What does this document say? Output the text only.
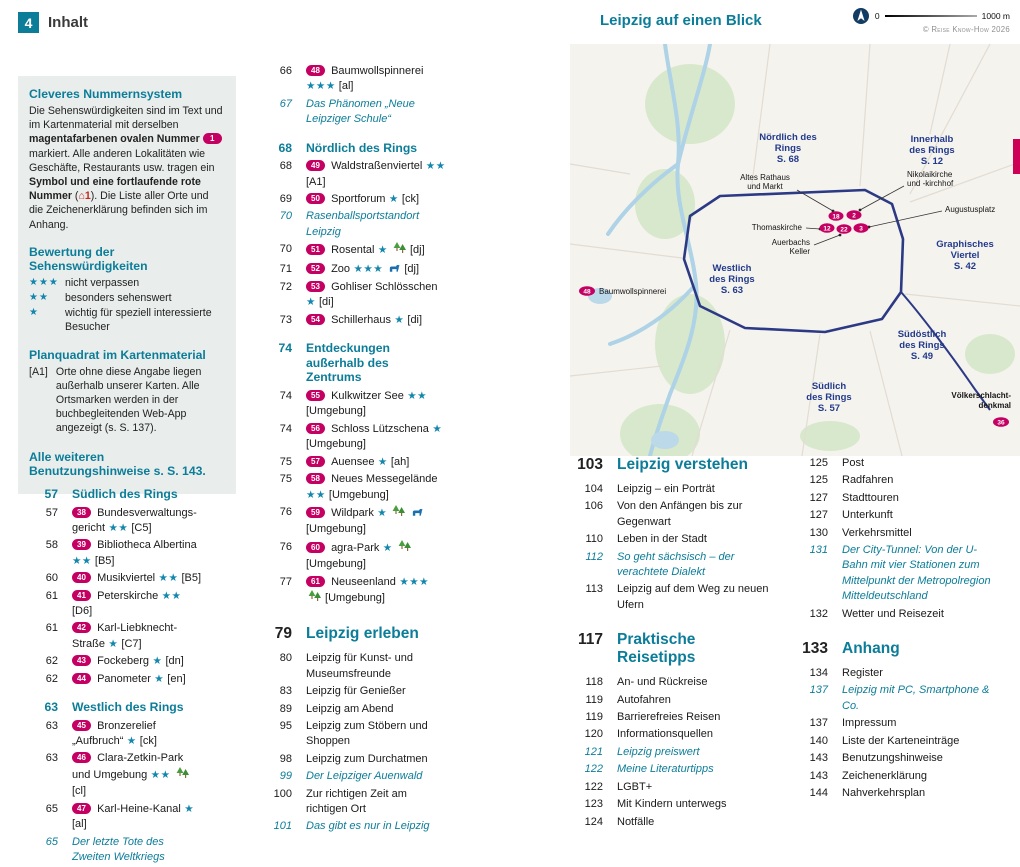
4	Inhalt
Cleveres Nummernsystem

Die Sehenswürdigkeiten sind im Text und im Kartenmaterial mit derselben magentafarbenen ovalen Nummer 1 markiert. Alle anderen Lokalitäten wie Geschäfte, Restaurants usw. tragen ein Symbol und eine fortlaufende rote Nummer (⌂1). Die Liste aller Orte und die Zeichenerklärung befinden sich im Anhang.

Bewertung der Sehenswürdigkeiten
★★★ nicht verpassen
★★	besonders sehenswert
★	wichtig für speziell interessierte Besucher
Planquadrat im Kartenmaterial
[A1] Orte ohne diese Angabe liegen außerhalb unserer Karten. Alle Ortsmarken werden in der buchbegleitenden Web-App angezeigt (s. S. 137).
Alle weiteren Benutzungshinweise s. S. 143.
57 Südlich des Rings
57	38 Bundesverwaltungsgericht ★★ [C5]
58	39 Bibliotheca Albertina ★★ [B5]
60	40 Musikviertel ★★ [B5]
61	41 Peterskirche ★★ [D6]
61	42 Karl-Liebknecht-Straße ★ [C7]
62	43 Fockeberg ★ [dn]
62	44 Panometer ★ [en]
63 Westlich des Rings
63	45 Bronzerelief „Aufbruch“ ★ [ck]
63	46 Clara-Zetkin-Park und Umgebung ★★  [cl]
65	47 Karl-Heine-Kanal ★ [al]
65 Der letzte Tote des Zweiten Weltkriegs
66	48 Baumwollspinnerei ★★★ [al]
67 Das Phänomen „Neue Leipziger Schule“
68 Nördlich des Rings
68	49 Waldstraßenviertel ★★ [A1]
69	50 Sportforum ★ [ck]
70 Rasenballsportstandort Leipzig
70	51 Rosental ★  [dj]
71	52 Zoo ★★★  [dj]
72	53 Gohliser Schlösschen ★ [di]
73	54 Schillerhaus ★ [di]
74 Entdeckungen außerhalb des Zentrums
74	55 Kulkwitzer See ★★ [Umgebung]
74	56 Schloss Lützschena ★ [Umgebung]
75	57 Auensee ★ [ah]
75	58 Neues Messegelände ★★ [Umgebung]
76	59 Wildpark ★   [Umgebung]
76	60 agra-Park ★  [Umgebung]
77	61 Neuseenland ★★★  [Umgebung]
79 Leipzig erleben
80 Leipzig für Kunst- und Museumsfreunde
83 Leipzig für Genießer
89 Leipzig am Abend
95 Leipzig zum Stöbern und Shoppen
98 Leipzig zum Durchatmen
99 Der Leipziger Auenwald
100 Zur richtigen Zeit am richtigen Ort
101 Das gibt es nur in Leipzig
103 Leipzig verstehen
104 Leipzig – ein Porträt
106 Von den Anfängen bis zur Gegenwart
110 Leben in der Stadt
112 So geht sächsisch – der verachtete Dialekt
113 Leipzig auf dem Weg zu neuen Ufern
117 Praktische Reisetipps
118 An- und Rückreise
119 Autofahren
119 Barrierefreies Reisen
120 Informationsquellen
121 Leipzig preiswert
122 Meine Literaturtipps
122 LGBT+
123 Mit Kindern unterwegs
124 Notfälle
125 Post
125 Radfahren
127 Stadttouren
127 Unterkunft
130 Verkehrsmittel
131 Der City-Tunnel: Von der U-Bahn mit vier Stationen zum Mittelpunkt der Metropolregion Mitteldeutschland
132 Wetter und Reisezeit
133 Anhang
134 Register
137 Leipzig mit PC, Smartphone & Co.
137 Impressum
140 Liste der Karteneinträge
143 Benutzungshinweise
143 Zeichenerklärung
144 Nahverkehrsplan
Leipzig auf einen Blick	0	1000 m
© Reise Know-How 2026
Altes Rathaus
und Markt
Nikolaikirche
und -kirchhof
Augustusplatz
Thomaskirche
Auerbachs
Keller
Nördlich des
Rings
S. 68
Innerhalb
des Rings
S. 12
Westlich
des Rings
S. 63
Graphisches
Viertel
S. 42
Südöstlich
des Rings
S. 49
Südlich
des Rings
S. 57
18 2
12 22 3
48 Baumwollspinnerei
Völkerschlacht-
denkmal
36
